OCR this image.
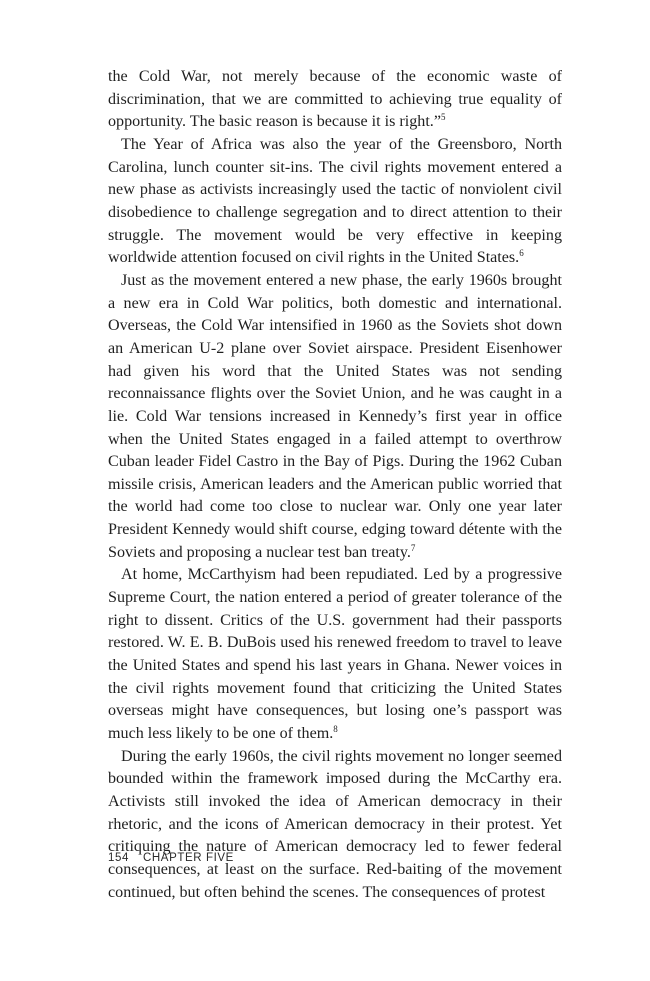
the Cold War, not merely because of the economic waste of discrimination, that we are committed to achieving true equality of opportunity. The basic reason is because it is right.”$^5$

The Year of Africa was also the year of the Greensboro, North Carolina, lunch counter sit-ins. The civil rights movement entered a new phase as activists increasingly used the tactic of nonviolent civil disobedience to challenge segregation and to direct attention to their struggle. The movement would be very effective in keeping worldwide attention focused on civil rights in the United States.$^6$

Just as the movement entered a new phase, the early 1960s brought a new era in Cold War politics, both domestic and international. Overseas, the Cold War intensified in 1960 as the Soviets shot down an American U-2 plane over Soviet airspace. President Eisenhower had given his word that the United States was not sending reconnaissance flights over the Soviet Union, and he was caught in a lie. Cold War tensions increased in Kennedy’s first year in office when the United States engaged in a failed attempt to overthrow Cuban leader Fidel Castro in the Bay of Pigs. During the 1962 Cuban missile crisis, American leaders and the American public worried that the world had come too close to nuclear war. Only one year later President Kennedy would shift course, edging toward détente with the Soviets and proposing a nuclear test ban treaty.$^7$

At home, McCarthyism had been repudiated. Led by a progressive Supreme Court, the nation entered a period of greater tolerance of the right to dissent. Critics of the U.S. government had their passports restored. W. E. B. DuBois used his renewed freedom to travel to leave the United States and spend his last years in Ghana. Newer voices in the civil rights movement found that criticizing the United States overseas might have consequences, but losing one’s passport was much less likely to be one of them.$^8$

During the early 1960s, the civil rights movement no longer seemed bounded within the framework imposed during the McCarthy era. Activists still invoked the idea of American democracy in their rhetoric, and the icons of American democracy in their protest. Yet critiquing the nature of American democracy led to fewer federal consequences, at least on the surface. Red-baiting of the movement continued, but often behind the scenes. The consequences of protest

154 CHAPTER FIVE
